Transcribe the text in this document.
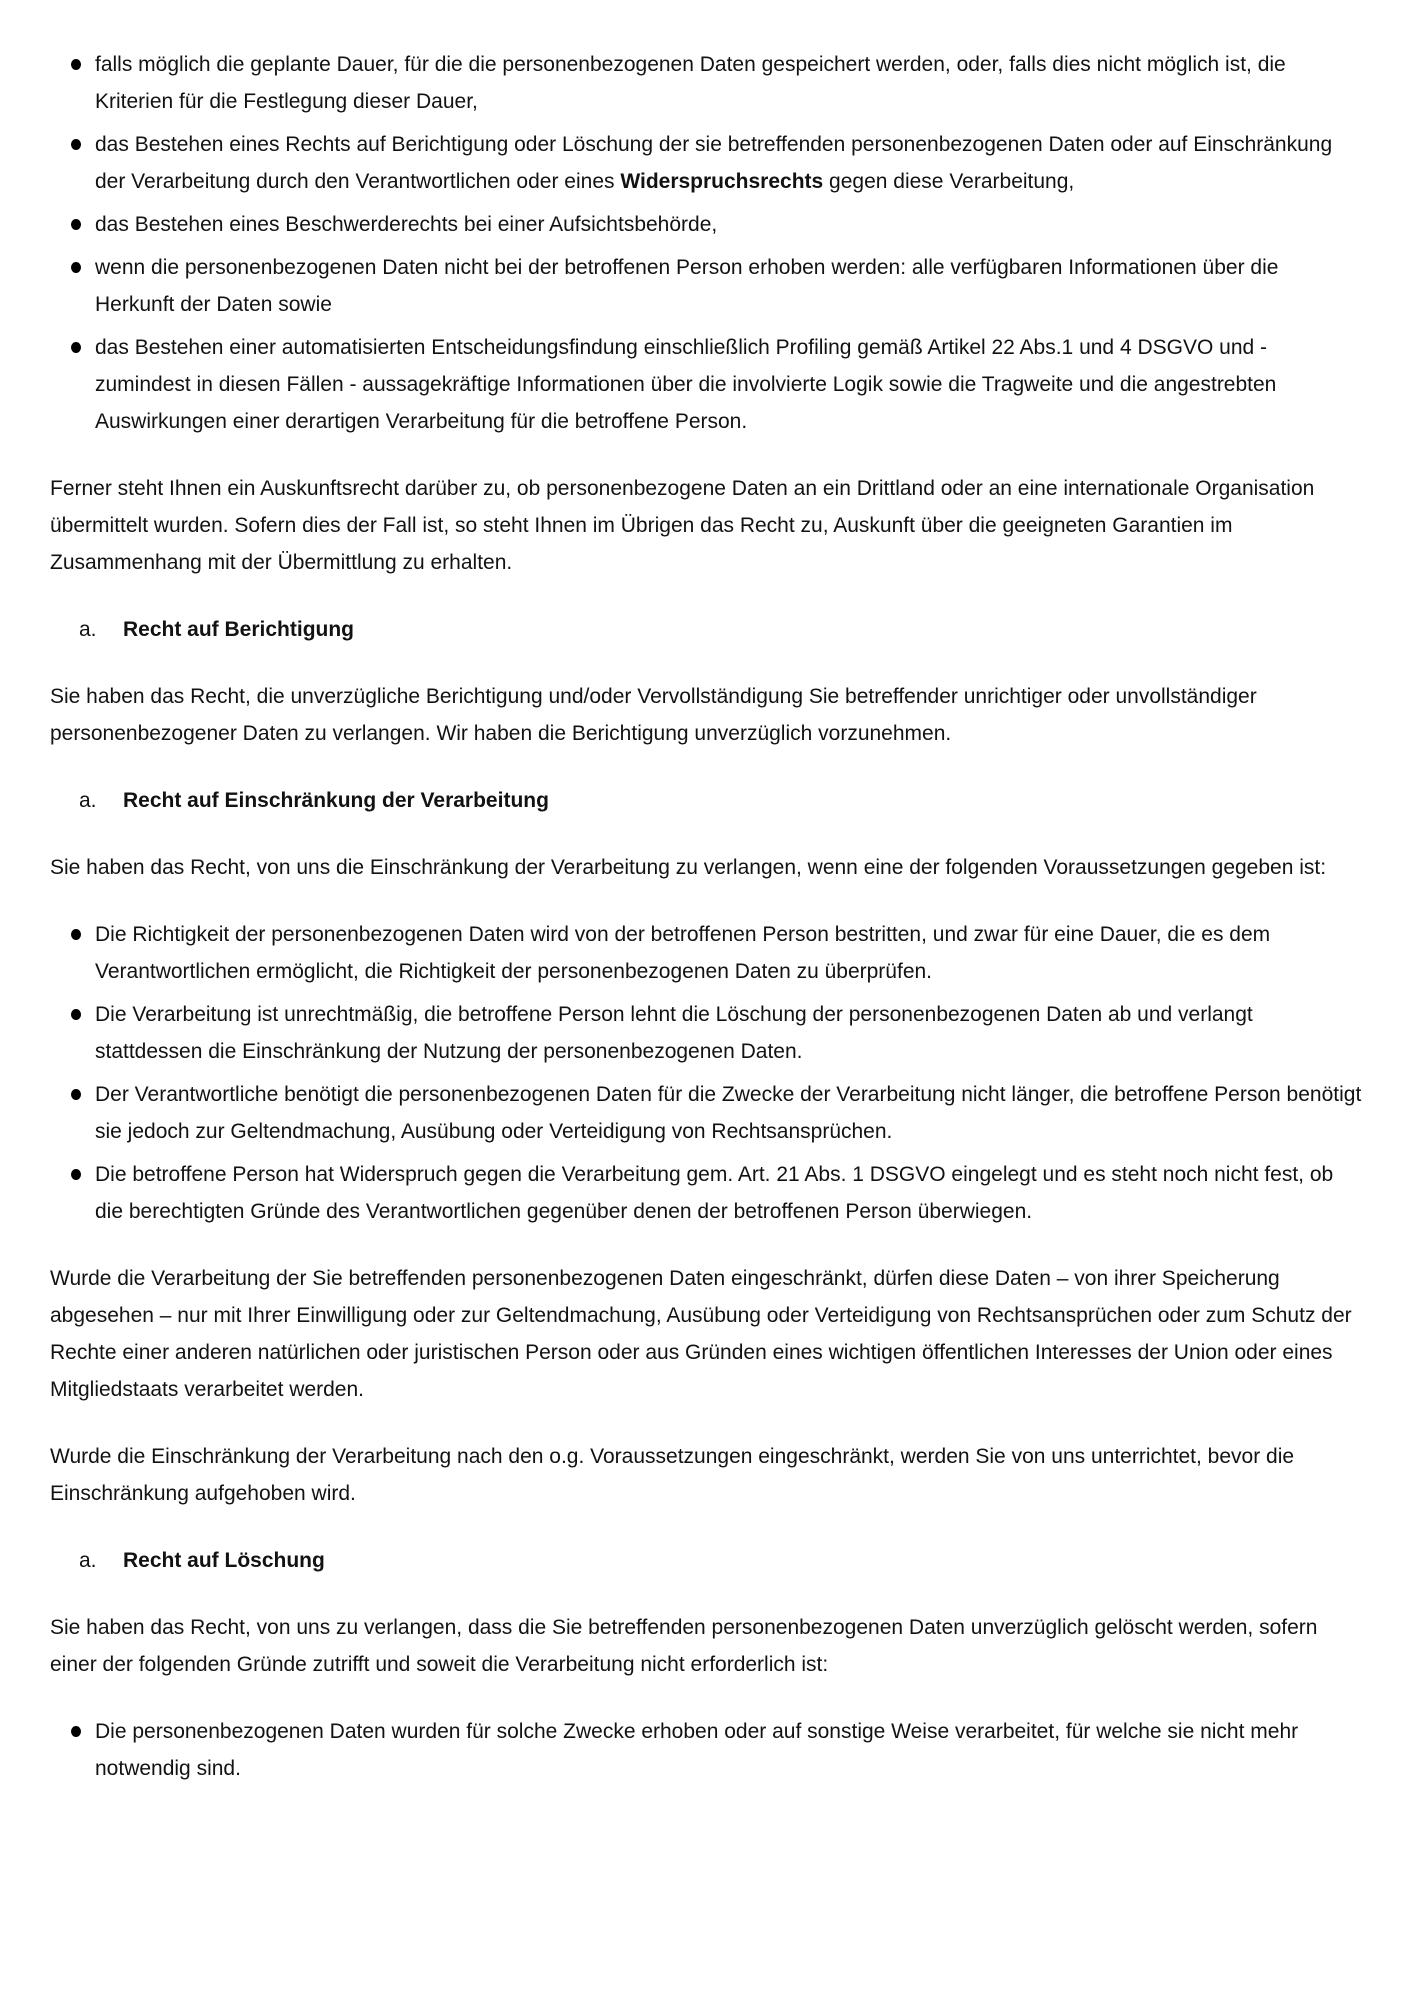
falls möglich die geplante Dauer, für die die personenbezogenen Daten gespeichert werden, oder, falls dies nicht möglich ist, die Kriterien für die Festlegung dieser Dauer,
das Bestehen eines Rechts auf Berichtigung oder Löschung der sie betreffenden personenbezogenen Daten oder auf Einschränkung der Verarbeitung durch den Verantwortlichen oder eines Widerspruchsrechts gegen diese Verarbeitung,
das Bestehen eines Beschwerderechts bei einer Aufsichtsbehörde,
wenn die personenbezogenen Daten nicht bei der betroffenen Person erhoben werden: alle verfügbaren Informationen über die Herkunft der Daten sowie
das Bestehen einer automatisierten Entscheidungsfindung einschließlich Profiling gemäß Artikel 22 Abs.1 und 4 DSGVO und - zumindest in diesen Fällen - aussagekräftige Informationen über die involvierte Logik sowie die Tragweite und die angestrebten Auswirkungen einer derartigen Verarbeitung für die betroffene Person.

Ferner steht Ihnen ein Auskunftsrecht darüber zu, ob personenbezogene Daten an ein Drittland oder an eine internationale Organisation übermittelt wurden. Sofern dies der Fall ist, so steht Ihnen im Übrigen das Recht zu, Auskunft über die geeigneten Garantien im Zusammenhang mit der Übermittlung zu erhalten.

a. Recht auf Berichtigung

Sie haben das Recht, die unverzügliche Berichtigung und/oder Vervollständigung Sie betreffender unrichtiger oder unvollständiger personenbezogener Daten zu verlangen. Wir haben die Berichtigung unverzüglich vorzunehmen.

a. Recht auf Einschränkung der Verarbeitung

Sie haben das Recht, von uns die Einschränkung der Verarbeitung zu verlangen, wenn eine der folgenden Voraussetzungen gegeben ist:

Die Richtigkeit der personenbezogenen Daten wird von der betroffenen Person bestritten, und zwar für eine Dauer, die es dem Verantwortlichen ermöglicht, die Richtigkeit der personenbezogenen Daten zu überprüfen.
Die Verarbeitung ist unrechtmäßig, die betroffene Person lehnt die Löschung der personenbezogenen Daten ab und verlangt stattdessen die Einschränkung der Nutzung der personenbezogenen Daten.
Der Verantwortliche benötigt die personenbezogenen Daten für die Zwecke der Verarbeitung nicht länger, die betroffene Person benötigt sie jedoch zur Geltendmachung, Ausübung oder Verteidigung von Rechtsansprüchen.
Die betroffene Person hat Widerspruch gegen die Verarbeitung gem. Art. 21 Abs. 1 DSGVO eingelegt und es steht noch nicht fest, ob die berechtigten Gründe des Verantwortlichen gegenüber denen der betroffenen Person überwiegen.

Wurde die Verarbeitung der Sie betreffenden personenbezogenen Daten eingeschränkt, dürfen diese Daten – von ihrer Speicherung abgesehen – nur mit Ihrer Einwilligung oder zur Geltendmachung, Ausübung oder Verteidigung von Rechtsansprüchen oder zum Schutz der Rechte einer anderen natürlichen oder juristischen Person oder aus Gründen eines wichtigen öffentlichen Interesses der Union oder eines Mitgliedstaats verarbeitet werden.

Wurde die Einschränkung der Verarbeitung nach den o.g. Voraussetzungen eingeschränkt, werden Sie von uns unterrichtet, bevor die Einschränkung aufgehoben wird.

a. Recht auf Löschung

Sie haben das Recht, von uns zu verlangen, dass die Sie betreffenden personenbezogenen Daten unverzüglich gelöscht werden, sofern einer der folgenden Gründe zutrifft und soweit die Verarbeitung nicht erforderlich ist:

Die personenbezogenen Daten wurden für solche Zwecke erhoben oder auf sonstige Weise verarbeitet, für welche sie nicht mehr notwendig sind.
